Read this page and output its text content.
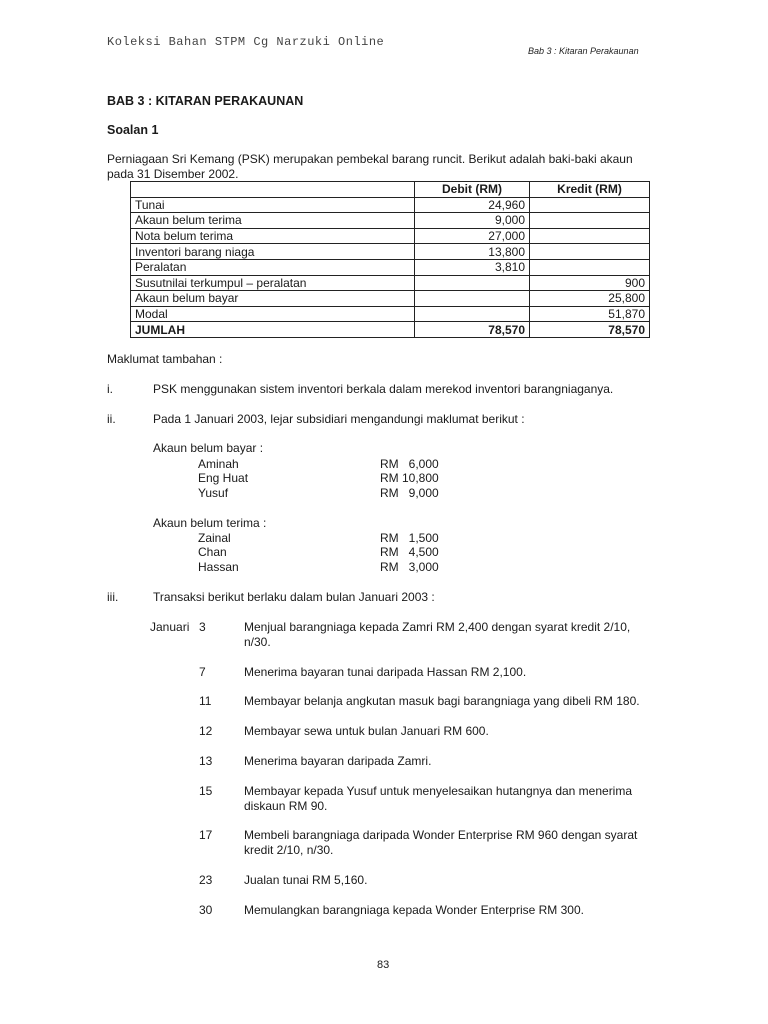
Koleksi Bahan STPM Cg Narzuki Online
Bab 3 : Kitaran Perakaunan
BAB 3 : KITARAN PERAKAUNAN
Soalan 1
Perniagaan Sri Kemang (PSK) merupakan pembekal barang runcit. Berikut adalah baki-baki akaun
pada 31 Disember 2002.
	Debit (RM)	Kredit (RM)
Tunai	24,960	
Akaun belum terima	9,000	
Nota belum terima	27,000	
Inventori barang niaga	13,800	
Peralatan	3,810	
Susutnilai terkumpul – peralatan		900
Akaun belum bayar		25,800
Modal		51,870
JUMLAH	78,570	78,570
Maklumat tambahan :
i.	PSK menggunakan sistem inventori berkala dalam merekod inventori barangniaganya.
ii.	Pada 1 Januari 2003, lejar subsidiari mengandungi maklumat berikut :
Akaun belum bayar :
Aminah	RM   6,000
Eng Huat	RM 10,800
Yusuf	RM   9,000
Akaun belum terima :
Zainal	RM   1,500
Chan	RM   4,500
Hassan	RM   3,000
iii.	Transaksi berikut berlaku dalam bulan Januari 2003 :
Januari 3	Menjual barangniaga kepada Zamri RM 2,400 dengan syarat kredit 2/10,
n/30.
7	Menerima bayaran tunai daripada Hassan RM 2,100.
11	Membayar belanja angkutan masuk bagi barangniaga yang dibeli RM 180.
12	Membayar sewa untuk bulan Januari RM 600.
13	Menerima bayaran daripada Zamri.
15	Membayar kepada Yusuf untuk menyelesaikan hutangnya dan menerima
diskaun RM 90.
17	Membeli barangniaga daripada Wonder Enterprise RM 960 dengan syarat
kredit 2/10, n/30.
23	Jualan tunai RM 5,160.
30	Memulangkan barangniaga kepada Wonder Enterprise RM 300.
83
